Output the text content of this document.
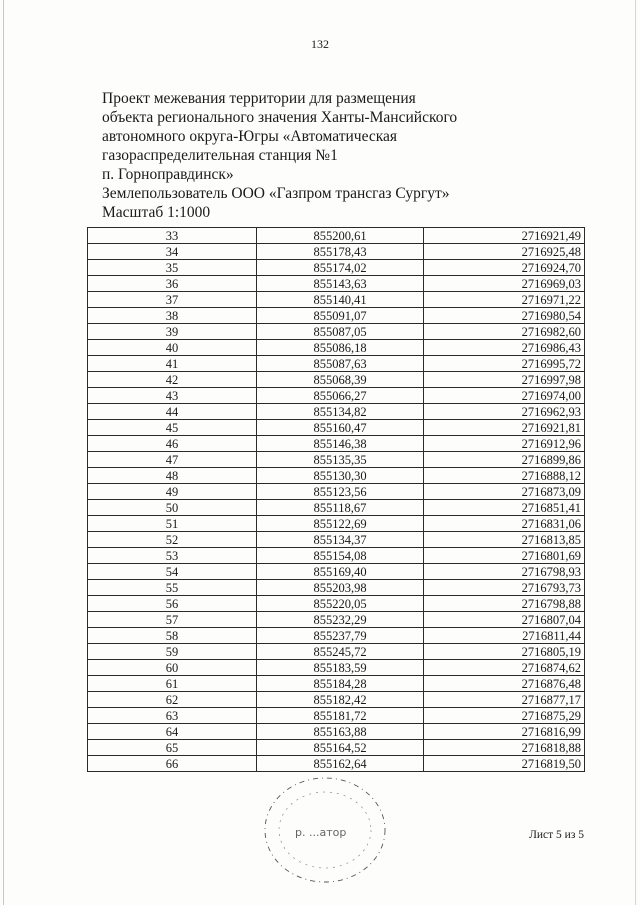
132
Проект межевания территории для размещения
объекта регионального значения Ханты-Мансийского
автономного округа-Югры «Автоматическая
газораспределительная станция №1
п. Горноправдинск»
Землепользователь ООО «Газпром трансгаз Сургут»
Масштаб 1:1000
33	855200,61	2716921,49
34	855178,43	2716925,48
35	855174,02	2716924,70
36	855143,63	2716969,03
37	855140,41	2716971,22
38	855091,07	2716980,54
39	855087,05	2716982,60
40	855086,18	2716986,43
41	855087,63	2716995,72
42	855068,39	2716997,98
43	855066,27	2716974,00
44	855134,82	2716962,93
45	855160,47	2716921,81
46	855146,38	2716912,96
47	855135,35	2716899,86
48	855130,30	2716888,12
49	855123,56	2716873,09
50	855118,67	2716851,41
51	855122,69	2716831,06
52	855134,37	2716813,85
53	855154,08	2716801,69
54	855169,40	2716798,93
55	855203,98	2716793,73
56	855220,05	2716798,88
57	855232,29	2716807,04
58	855237,79	2716811,44
59	855245,72	2716805,19
60	855183,59	2716874,62
61	855184,28	2716876,48
62	855182,42	2716877,17
63	855181,72	2716875,29
64	855163,88	2716816,99
65	855164,52	2716818,88
66	855162,64	2716819,50
р. ...атор	Лист 5 из 5
